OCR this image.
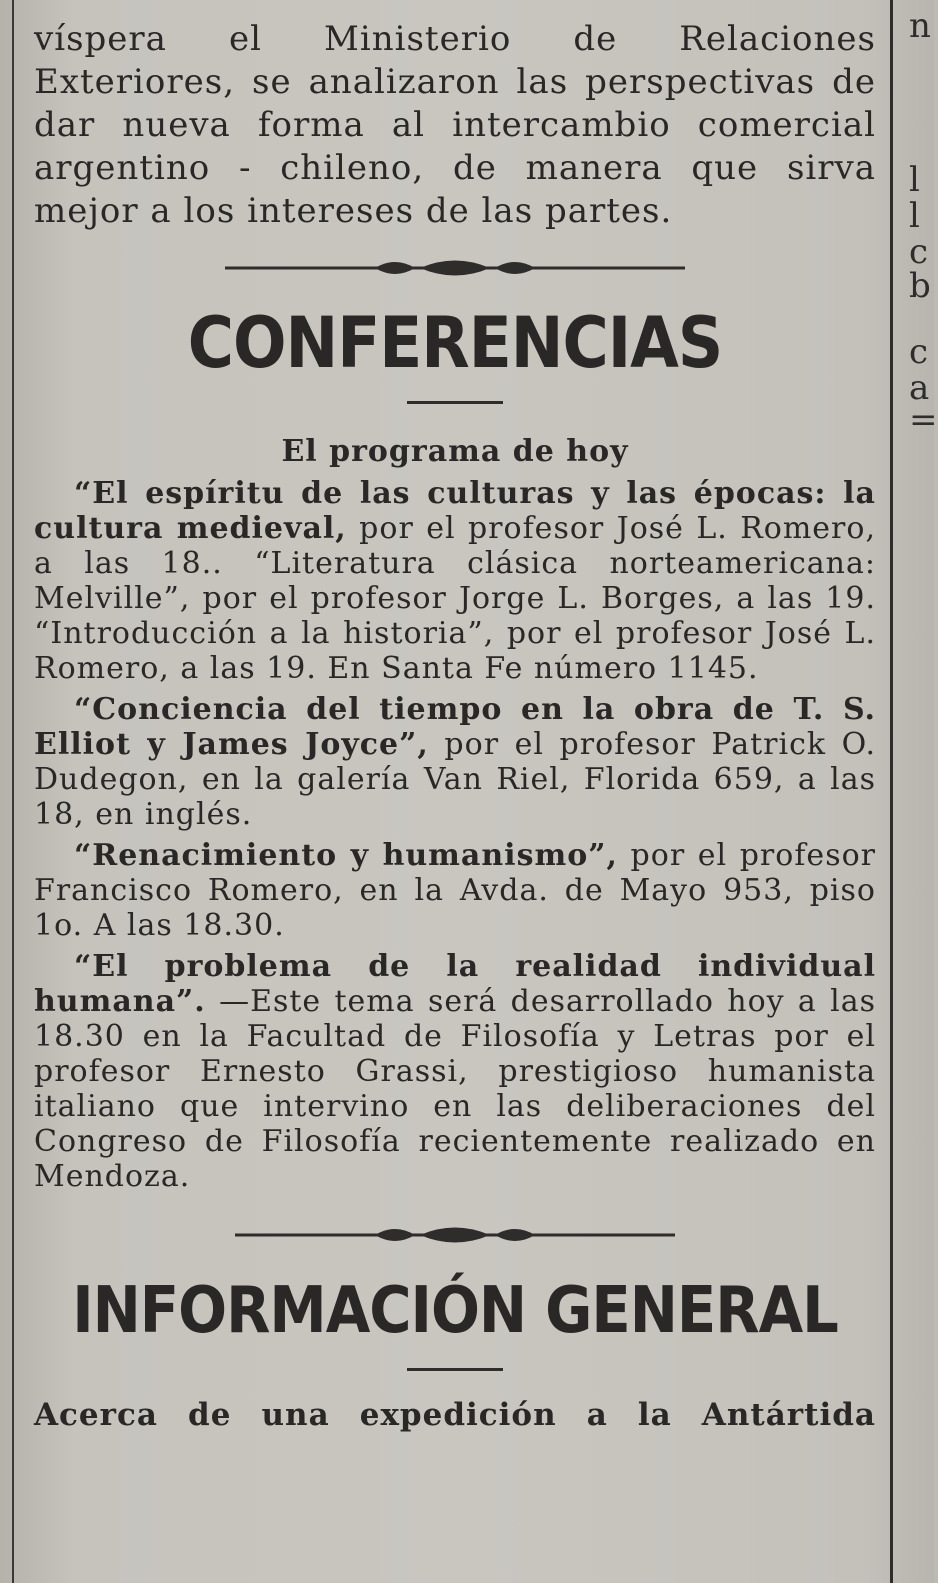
n
l
l
c
b
c
a
=

víspera el Ministerio de Relaciones Exteriores, se analizaron las perspectivas de dar nueva forma al intercambio comercial argentino - chileno, de manera que sirva mejor a los intereses de las partes.

CONFERENCIAS

El programa de hoy

“El espíritu de las culturas y las épocas: la cultura medieval, por el profesor José L. Romero, a las 18.. “Literatura clásica norteamericana: Melville”, por el profesor Jorge L. Borges, a las 19. “Introducción a la historia”, por el profesor José L. Romero, a las 19. En Santa Fe número 1145.

“Conciencia del tiempo en la obra de T. S. Elliot y James Joyce”, por el profesor Patrick O. Dudegon, en la galería Van Riel, Florida 659, a las 18, en inglés.

“Renacimiento y humanismo”, por el profesor Francisco Romero, en la Avda. de Mayo 953, piso 1o. A las 18.30.

“El problema de la realidad individual humana”. —Este tema será desarrollado hoy a las 18.30 en la Facultad de Filosofía y Letras por el profesor Ernesto Grassi, prestigioso humanista italiano que intervino en las deliberaciones del Congreso de Filosofía recientemente realizado en Mendoza.

INFORMACIÓN GENERAL

Acerca de una expedición a la Antártida
